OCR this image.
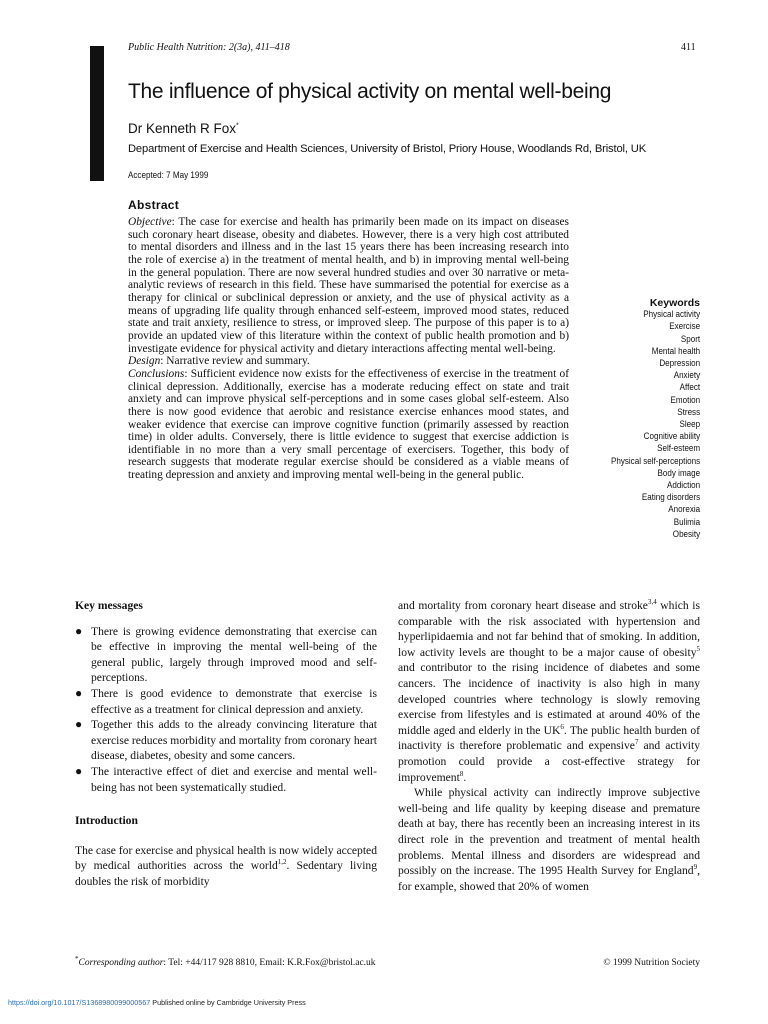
Public Health Nutrition: 2(3a), 411–418	411
The influence of physical activity on mental well-being
Dr Kenneth R Fox*
Department of Exercise and Health Sciences, University of Bristol, Priory House, Woodlands Rd, Bristol, UK
Accepted: 7 May 1999
Abstract

Objective: The case for exercise and health has primarily been made on its impact on diseases such coronary heart disease, obesity and diabetes. However, there is a very high cost attributed to mental disorders and illness and in the last 15 years there has been increasing research into the role of exercise a) in the treatment of mental health, and b) in improving mental well-being in the general population. There are now several hundred studies and over 30 narrative or meta-analytic reviews of research in this field. These have summarised the potential for exercise as a therapy for clinical or subclinical depression or anxiety, and the use of physical activity as a means of upgrading life quality through enhanced self-esteem, improved mood states, reduced state and trait anxiety, resilience to stress, or improved sleep. The purpose of this paper is to a) provide an updated view of this literature within the context of public health promotion and b) investigate evidence for physical activity and dietary interactions affecting mental well-being.

Design: Narrative review and summary.

Conclusions: Sufficient evidence now exists for the effectiveness of exercise in the treatment of clinical depression. Additionally, exercise has a moderate reducing effect on state and trait anxiety and can improve physical self-perceptions and in some cases global self-esteem. Also there is now good evidence that aerobic and resistance exercise enhances mood states, and weaker evidence that exercise can improve cognitive function (primarily assessed by reaction time) in older adults. Conversely, there is little evidence to suggest that exercise addiction is identifiable in no more than a very small percentage of exercisers. Together, this body of research suggests that moderate regular exercise should be considered as a viable means of treating depression and anxiety and improving mental well-being in the general public.

Keywords
Physical activity
Exercise
Sport
Mental health
Depression
Anxiety
Affect
Emotion
Stress
Sleep
Cognitive ability
Self-esteem
Physical self-perceptions
Body image
Addiction
Eating disorders
Anorexia
Bulimia
Obesity
Key messages
● There is growing evidence demonstrating that exercise can be effective in improving the mental well-being of the general public, largely through improved mood and self-perceptions.
● There is good evidence to demonstrate that exercise is effective as a treatment for clinical depression and anxiety.
● Together this adds to the already convincing literature that exercise reduces morbidity and mortality from coronary heart disease, diabetes, obesity and some cancers.
● The interactive effect of diet and exercise and mental well-being has not been systematically studied.
Introduction

The case for exercise and physical health is now widely accepted by medical authorities across the world$^{1,2}$. Sedentary living doubles the risk of morbidity

and mortality from coronary heart disease and stroke$^{3,4}$ which is comparable with the risk associated with hypertension and hyperlipidaemia and not far behind that of smoking. In addition, low activity levels are thought to be a major cause of obesity$^5$ and contributor to the rising incidence of diabetes and some cancers. The incidence of inactivity is also high in many developed countries where technology is slowly removing exercise from lifestyles and is estimated at around 40% of the middle aged and elderly in the $UK^6$. The public health burden of inactivity is therefore problematic and expensive$^7$ and activity promotion could provide a cost-effective strategy for improvement$^8$.

While physical activity can indirectly improve subjective well-being and life quality by keeping disease and premature death at bay, there has recently been an increasing interest in its direct role in the prevention and treatment of mental health problems. Mental illness and disorders are widespread and possibly on the increase. The 1995 Health Survey for England$^9$, for example, showed that 20% of women

*Corresponding author: Tel: +44/117 928 8810, Email: K.R.Fox@bristol.ac.uk	© 1999 Nutrition Society
https://doi.org/10.1017/S1368980099000567 Published online by Cambridge University Press
